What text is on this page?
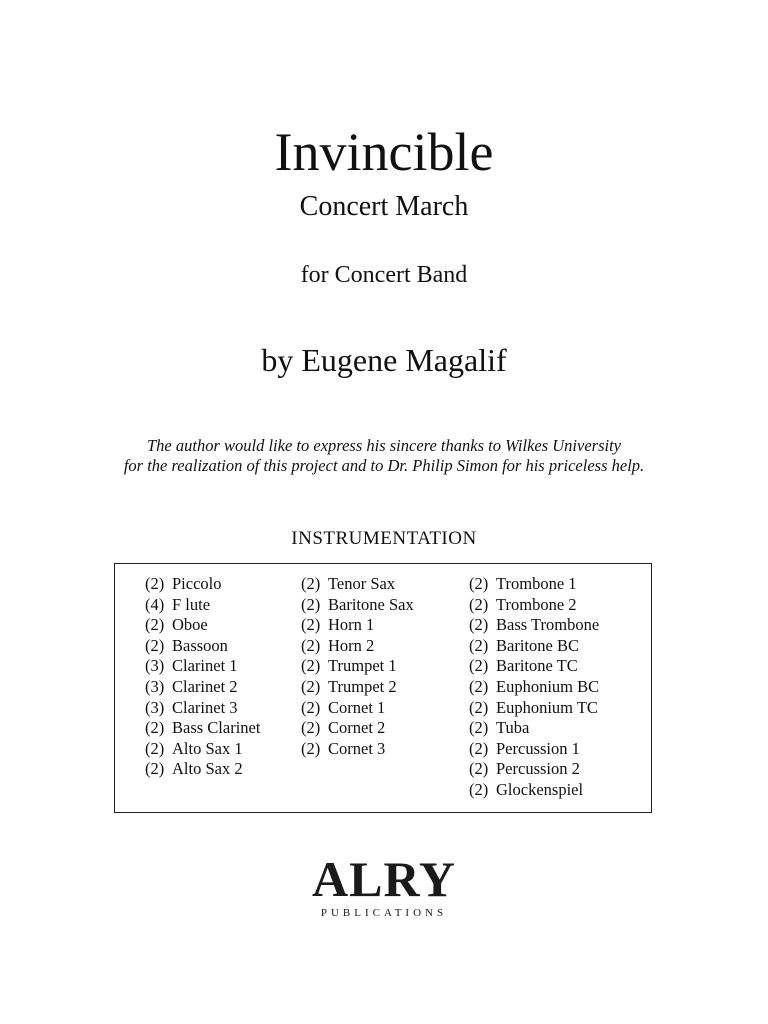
Invincible
Concert March
for Concert Band
by Eugene Magalif
The author would like to express his sincere thanks to Wilkes University
for the realization of this project and to Dr. Philip Simon for his priceless help.
INSTRUMENTATION
(2) Piccolo
(4) F lute
(2) Oboe
(2) Bassoon
(3) Clarinet 1
(3) Clarinet 2
(3) Clarinet 3
(2) Bass Clarinet
(2) Alto Sax 1
(2) Alto Sax 2
(2) Tenor Sax
(2) Baritone Sax
(2) Horn 1
(2) Horn 2
(2) Trumpet 1
(2) Trumpet 2
(2) Cornet 1
(2) Cornet 2
(2) Cornet 3
(2) Trombone 1
(2) Trombone 2
(2) Bass Trombone
(2) Baritone BC
(2) Baritone TC
(2) Euphonium BC
(2) Euphonium TC
(2) Tuba
(2) Percussion 1
(2) Percussion 2
(2) Glockenspiel
ALRY
PUBLICATIONS
